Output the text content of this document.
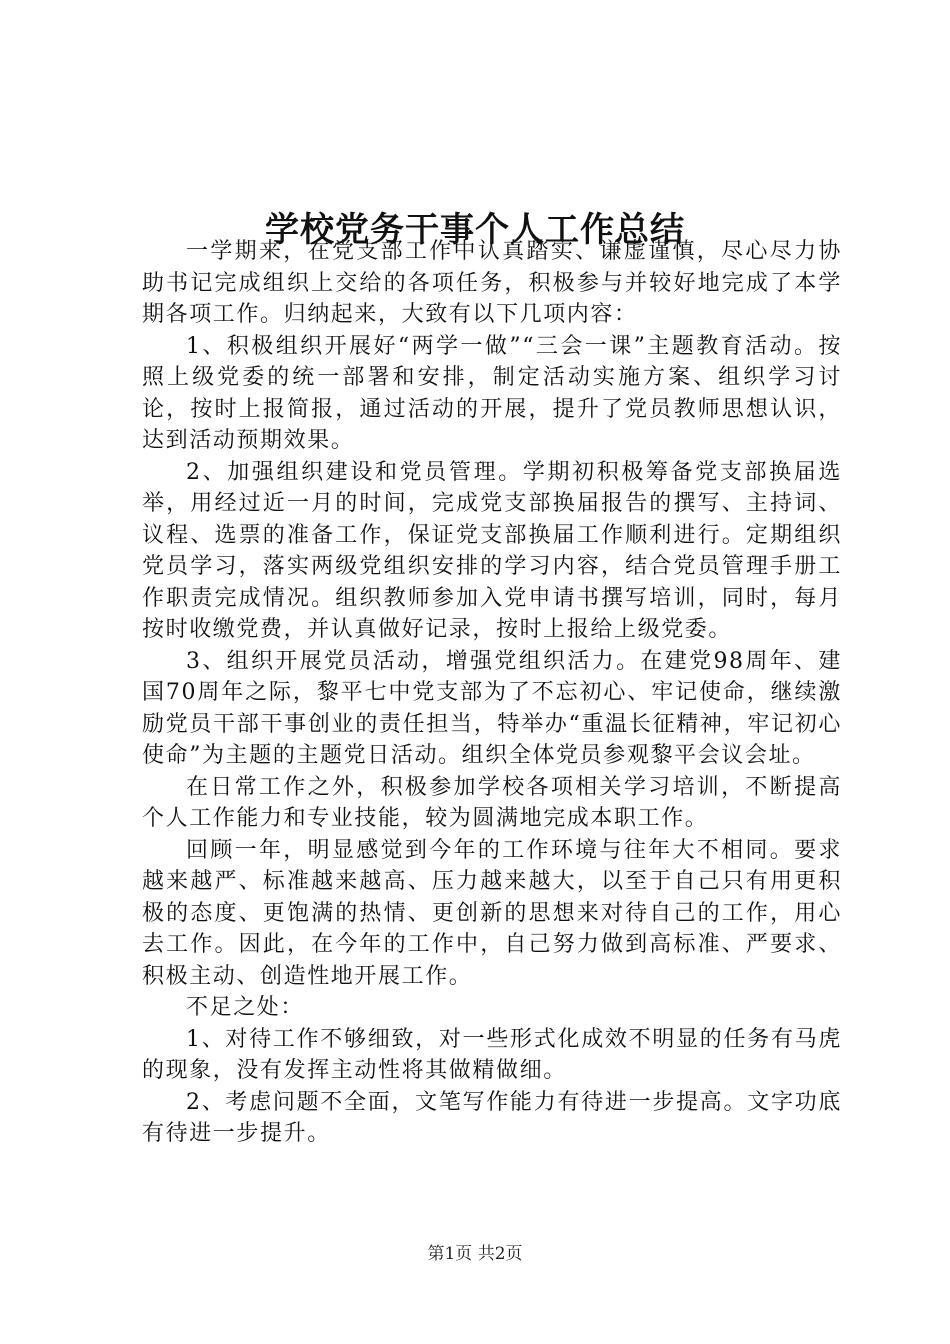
学校党务干事个人工作总结

一学期来，在党支部工作中认真踏实、谦虚谨慎，尽心尽力协助书记完成组织上交给的各项任务，积极参与并较好地完成了本学期各项工作。归纳起来，大致有以下几项内容：

1、积极组织开展好“两学一做”“三会一课”主题教育活动。按照上级党委的统一部署和安排，制定活动实施方案、组织学习讨论，按时上报简报，通过活动的开展，提升了党员教师思想认识，达到活动预期效果。

2、加强组织建设和党员管理。学期初积极筹备党支部换届选举，用经过近一月的时间，完成党支部换届报告的撰写、主持词、议程、选票的准备工作，保证党支部换届工作顺利进行。定期组织党员学习，落实两级党组织安排的学习内容，结合党员管理手册工作职责完成情况。组织教师参加入党申请书撰写培训，同时，每月按时收缴党费，并认真做好记录，按时上报给上级党委。

3、组织开展党员活动，增强党组织活力。在建党98周年、建国70周年之际，黎平七中党支部为了不忘初心、牢记使命，继续激励党员干部干事创业的责任担当，特举办“重温长征精神，牢记初心使命”为主题的主题党日活动。组织全体党员参观黎平会议会址。

在日常工作之外，积极参加学校各项相关学习培训，不断提高个人工作能力和专业技能，较为圆满地完成本职工作。

回顾一年，明显感觉到今年的工作环境与往年大不相同。要求越来越严、标准越来越高、压力越来越大，以至于自己只有用更积极的态度、更饱满的热情、更创新的思想来对待自己的工作，用心去工作。因此，在今年的工作中，自己努力做到高标准、严要求、积极主动、创造性地开展工作。

不足之处：

1、对待工作不够细致，对一些形式化成效不明显的任务有马虎的现象，没有发挥主动性将其做精做细。

2、考虑问题不全面，文笔写作能力有待进一步提高。文字功底有待进一步提升。

第1页 共2页
